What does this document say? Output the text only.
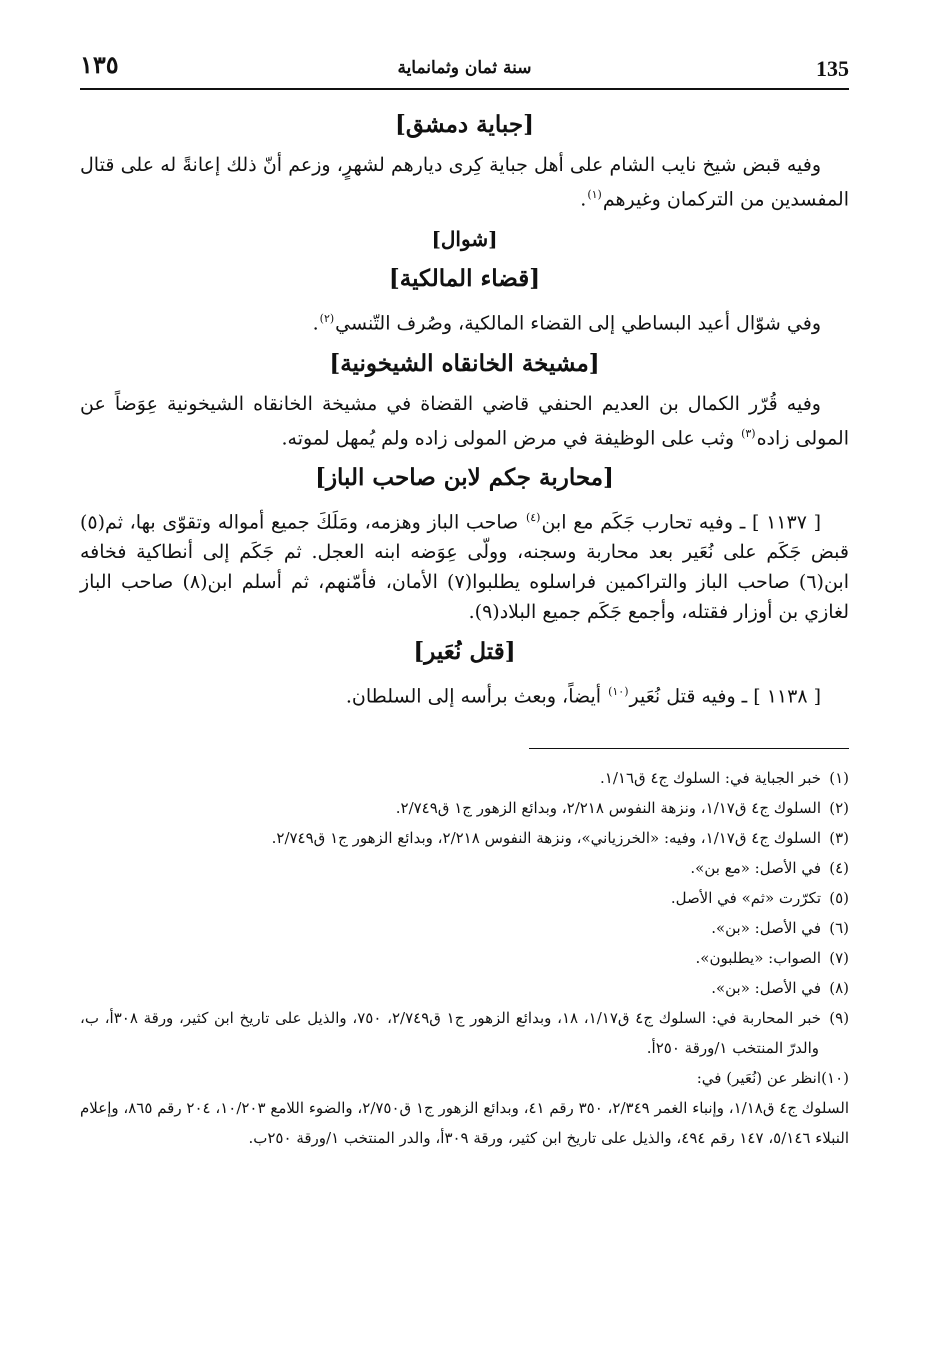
١٣٥	سنة ثمان وثمانماية	135
[جباية دمشق]

وفيه قبض شيخ نايب الشام على أهل جباية كِرى ديارهم لشهرٍ، وزعم أنّ ذلك إعانةً له على قتال المفسدين من التركمان وغيرهم$^{(١)}$.

[شوال]
[قضاء المالكية]

وفي شوّال أعيد البساطي إلى القضاء المالكية، وصُرف التّنسي$^{(٢)}$.

[مشيخة الخانقاه الشيخونية]

وفيه قُرّر الكمال بن العديم الحنفي قاضي القضاة في مشيخة الخانقاه الشيخونية عِوَضاً عن المولى زاده$^{(٣)}$ وثب على الوظيفة في مرض المولى زاده ولم يُمهل لموته.

[محاربة جكم لابن صاحب الباز]

[ ١١٣٧ ] ـ وفيه تحارب جَكَم مع ابن$^{(٤)}$ صاحب الباز وهزمه، ومَلَكَ جميع أمواله وتقوّى بها، ثم(٥) قبض جَكَم على نُعَير بعد محاربة وسجنه، وولّى عِوَضه ابنه العجل. ثم جَكَم إلى أنطاكية فخافه ابن(٦) صاحب الباز والتراكمين فراسلوه يطلبوا(٧) الأمان، فأمّنهم، ثم أسلم ابن(٨) صاحب الباز لغازي بن أوزار فقتله، وأجمع جَكَم جميع البلاد(٩).

[قتل نُعَير]

[ ١١٣٨ ] ـ وفيه قتل نُعَير$^{(١٠)}$ أيضاً، وبعث برأسه إلى السلطان.

(١)خبر الجباية في: السلوك ج٤ ق١/١٦.
(٢)السلوك ج٤ ق١/١٧، ونزهة النفوس ٢/٢١٨، وبدائع الزهور ج١ ق٢/٧٤٩.
(٣)السلوك ج٤ ق١/١٧، وفيه: «الخرزياني»، ونزهة النفوس ٢/٢١٨، وبدائع الزهور ج١ ق٢/٧٤٩.
(٤)في الأصل: «مع بن».
(٥)تكرّرت «ثم» في الأصل.
(٦)في الأصل: «بن».
(٧)الصواب: «يطلبون».
(٨)في الأصل: «بن».
(٩)خبر المحاربة في: السلوك ج٤ ق١/١٧، ١٨، وبدائع الزهور ج١ ق٢/٧٤٩، ٧٥٠، والذيل على تاريخ ابن كثير، ورقة ٣٠٨أ، ب، والدرّ المنتخب ١/ورقة ٢٥٠أ.
(١٠)انظر عن (نُعَير) في:
السلوك ج٤ ق١/١٨، وإنباء الغمر ٢/٣٤٩، ٣٥٠ رقم ٤١، وبدائع الزهور ج١ ق٢/٧٥٠، والضوء اللامع ١٠/٢٠٣، ٢٠٤ رقم ٨٦٥، وإعلام النبلاء ٥/١٤٦، ١٤٧ رقم ٤٩٤، والذيل على تاريخ ابن كثير، ورقة ٣٠٩أ، والدر المنتخب ١/ورقة ٢٥٠ب.
